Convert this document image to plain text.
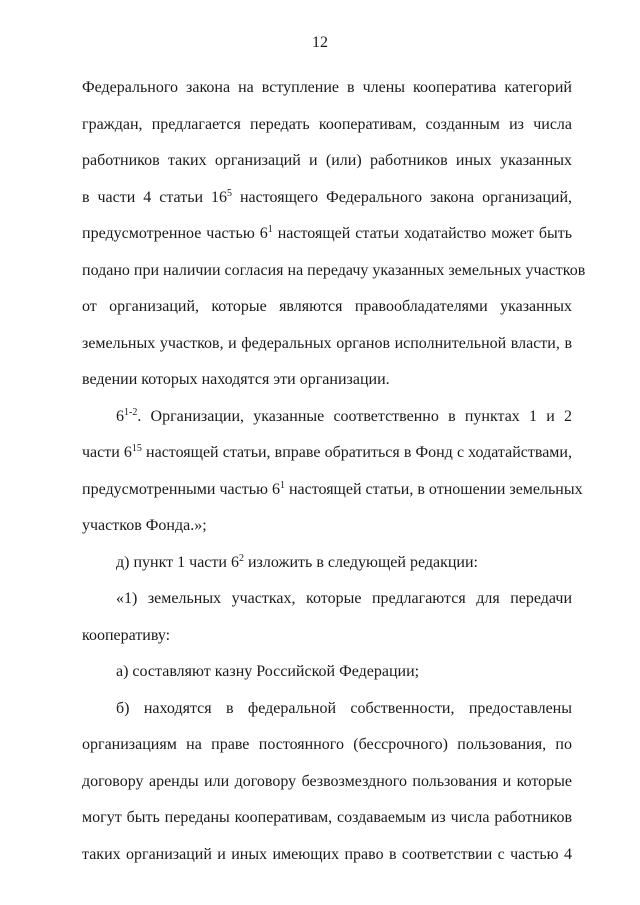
12
Федерального закона на вступление в члены кооператива категорий
граждан, предлагается передать кооперативам, созданным из числа
работников таких организаций и (или) работников иных указанных
в части 4 статьи $16^5$ настоящего Федерального закона организаций,
предусмотренное частью $6^1$ настоящей статьи ходатайство может быть
подано при наличии согласия на передачу указанных земельных участков
от организаций, которые являются правообладателями указанных
земельных участков, и федеральных органов исполнительной власти, в
ведении которых находятся эти организации.
6$^{1-2}$. Организации, указанные соответственно в пунктах 1 и 2
части $6^{15}$ настоящей статьи, вправе обратиться в Фонд с ходатайствами,
предусмотренными частью $6^1$ настоящей статьи, в отношении земельных
участков Фонда.»;
д) пункт 1 части $6^2$ изложить в следующей редакции:
«1) земельных участках, которые предлагаются для передачи
кооперативу:
а) составляют казну Российской Федерации;
б) находятся в федеральной собственности, предоставлены
организациям на праве постоянного (бессрочного) пользования, по
договору аренды или договору безвозмездного пользования и которые
могут быть переданы кооперативам, создаваемым из числа работников
таких организаций и иных имеющих право в соответствии с частью 4
